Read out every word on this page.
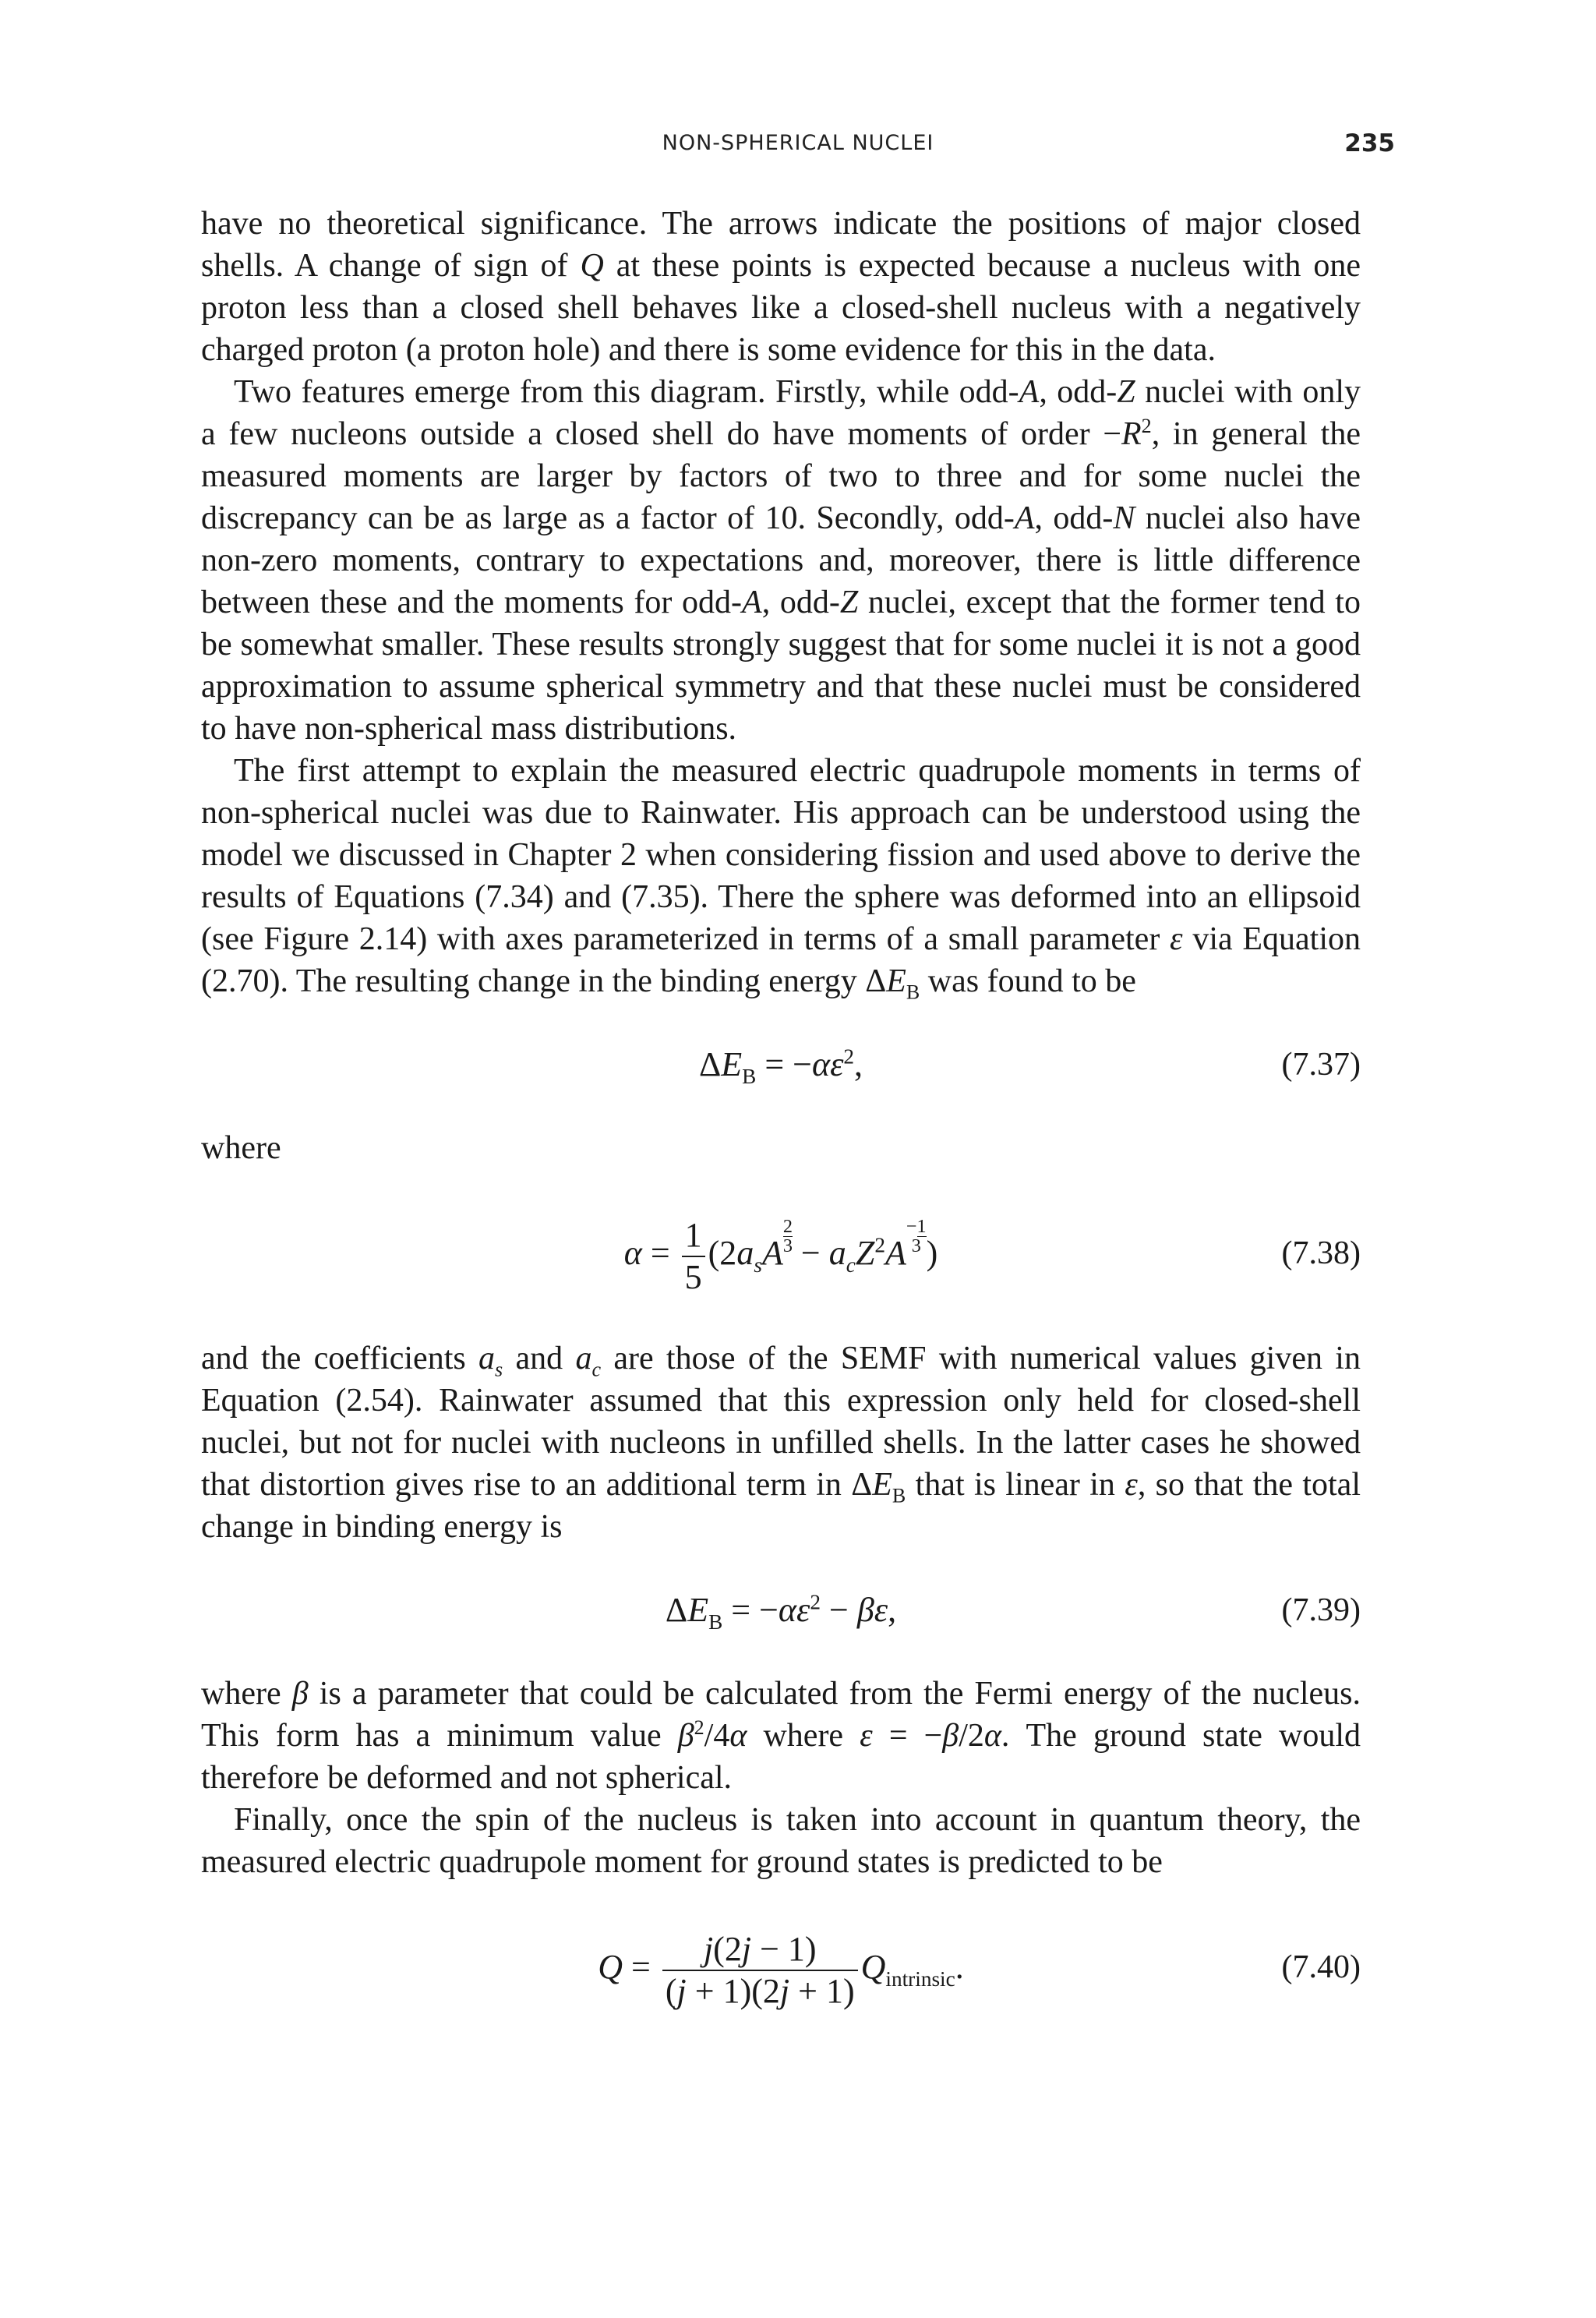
NON-SPHERICAL NUCLEI	235

have no theoretical significance. The arrows indicate the positions of major closed shells. A change of sign of Q at these points is expected because a nucleus with one proton less than a closed shell behaves like a closed-shell nucleus with a negatively charged proton (a proton hole) and there is some evidence for this in the data.

Two features emerge from this diagram. Firstly, while odd-A, odd-Z nuclei with only a few nucleons outside a closed shell do have moments of order $-R^2$, in general the measured moments are larger by factors of two to three and for some nuclei the discrepancy can be as large as a factor of 10. Secondly, odd-A, odd-N nuclei also have non-zero moments, contrary to expectations and, moreover, there is little difference between these and the moments for odd-A, odd-Z nuclei, except that the former tend to be somewhat smaller. These results strongly suggest that for some nuclei it is not a good approximation to assume spherical symmetry and that these nuclei must be considered to have non-spherical mass distributions.

The first attempt to explain the measured electric quadrupole moments in terms of non-spherical nuclei was due to Rainwater. His approach can be understood using the model we discussed in Chapter 2 when considering fission and used above to derive the results of Equations (7.34) and (7.35). There the sphere was deformed into an ellipsoid (see Figure 2.14) with axes parameterized in terms of a small parameter ε via Equation (2.70). The resulting change in the binding energy $\Delta E_B$ was found to be

$\Delta E_B = -\alpha\varepsilon^2$,	(7.37)

where

$\alpha = \frac{1}{5} (2a_sA \frac{2}{3} - a_cZ^2A-1$

3 )	(7.38)

and the coefficients $a_s$ and $a_c$ are those of the SEMF with numerical values given in Equation (2.54). Rainwater assumed that this expression only held for closed-shell nuclei, but not for nuclei with nucleons in unfilled shells. In the latter cases he showed that distortion gives rise to an additional term in $\Delta E_B$ that is linear in ε, so that the total change in binding energy is

$\Delta E_B = -\alpha\varepsilon^2 - \beta\varepsilon$,	(7.39)

where β is a parameter that could be calculated from the Fermi energy of the nucleus. This form has a minimum value $\beta^2/4\alpha$ where ε = −β/2α. The ground state would therefore be deformed and not spherical.

Finally, once the spin of the nucleus is taken into account in quantum theory, the measured electric quadrupole moment for ground states is predicted to be

$Q = \frac{j(2j - 1)}{(j + 1)(2j + 1)} Q_{intrinsic}$.	(7.40)
